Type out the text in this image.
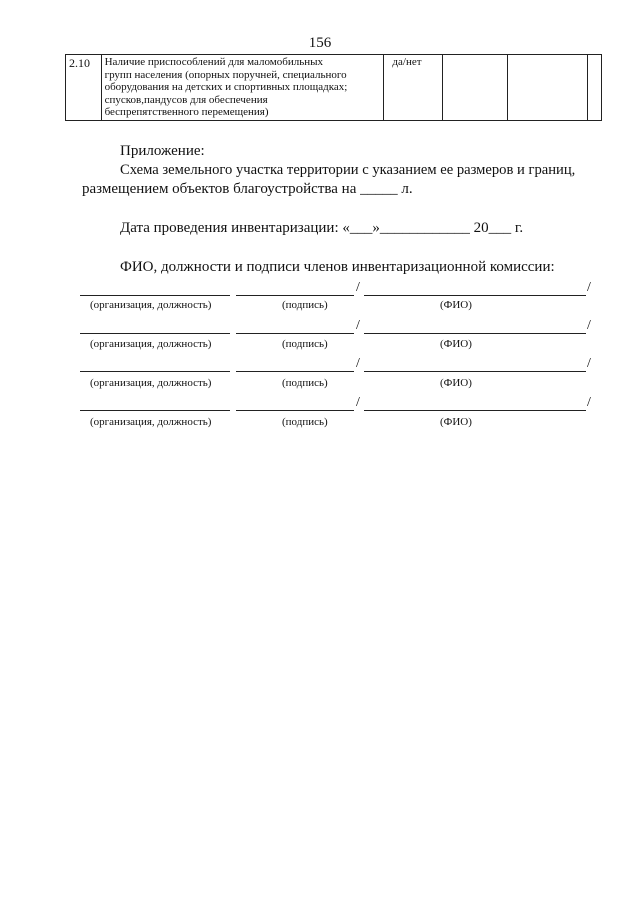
156
2.10	Наличие приспособлений для маломобильных
групп населения (опорных поручней, специального
оборудования на детских и спортивных площадках;
спусков,пандусов для обеспечения
беспрепятственного перемещения)
	да/нет			
Приложение:
Схема земельного участка территории с указанием ее размеров и границ,
размещением объектов благоустройства на _____ л.
Дата проведения инвентаризации: «___»____________ 20___ г.
ФИО, должности и подписи членов инвентаризационной комиссии:
/	/
(организация, должность)	(подпись)	(ФИО)
/	/
(организация, должность)	(подпись)	(ФИО)
/	/
(организация, должность)	(подпись)	(ФИО)
/	/
(организация, должность)	(подпись)	(ФИО)
